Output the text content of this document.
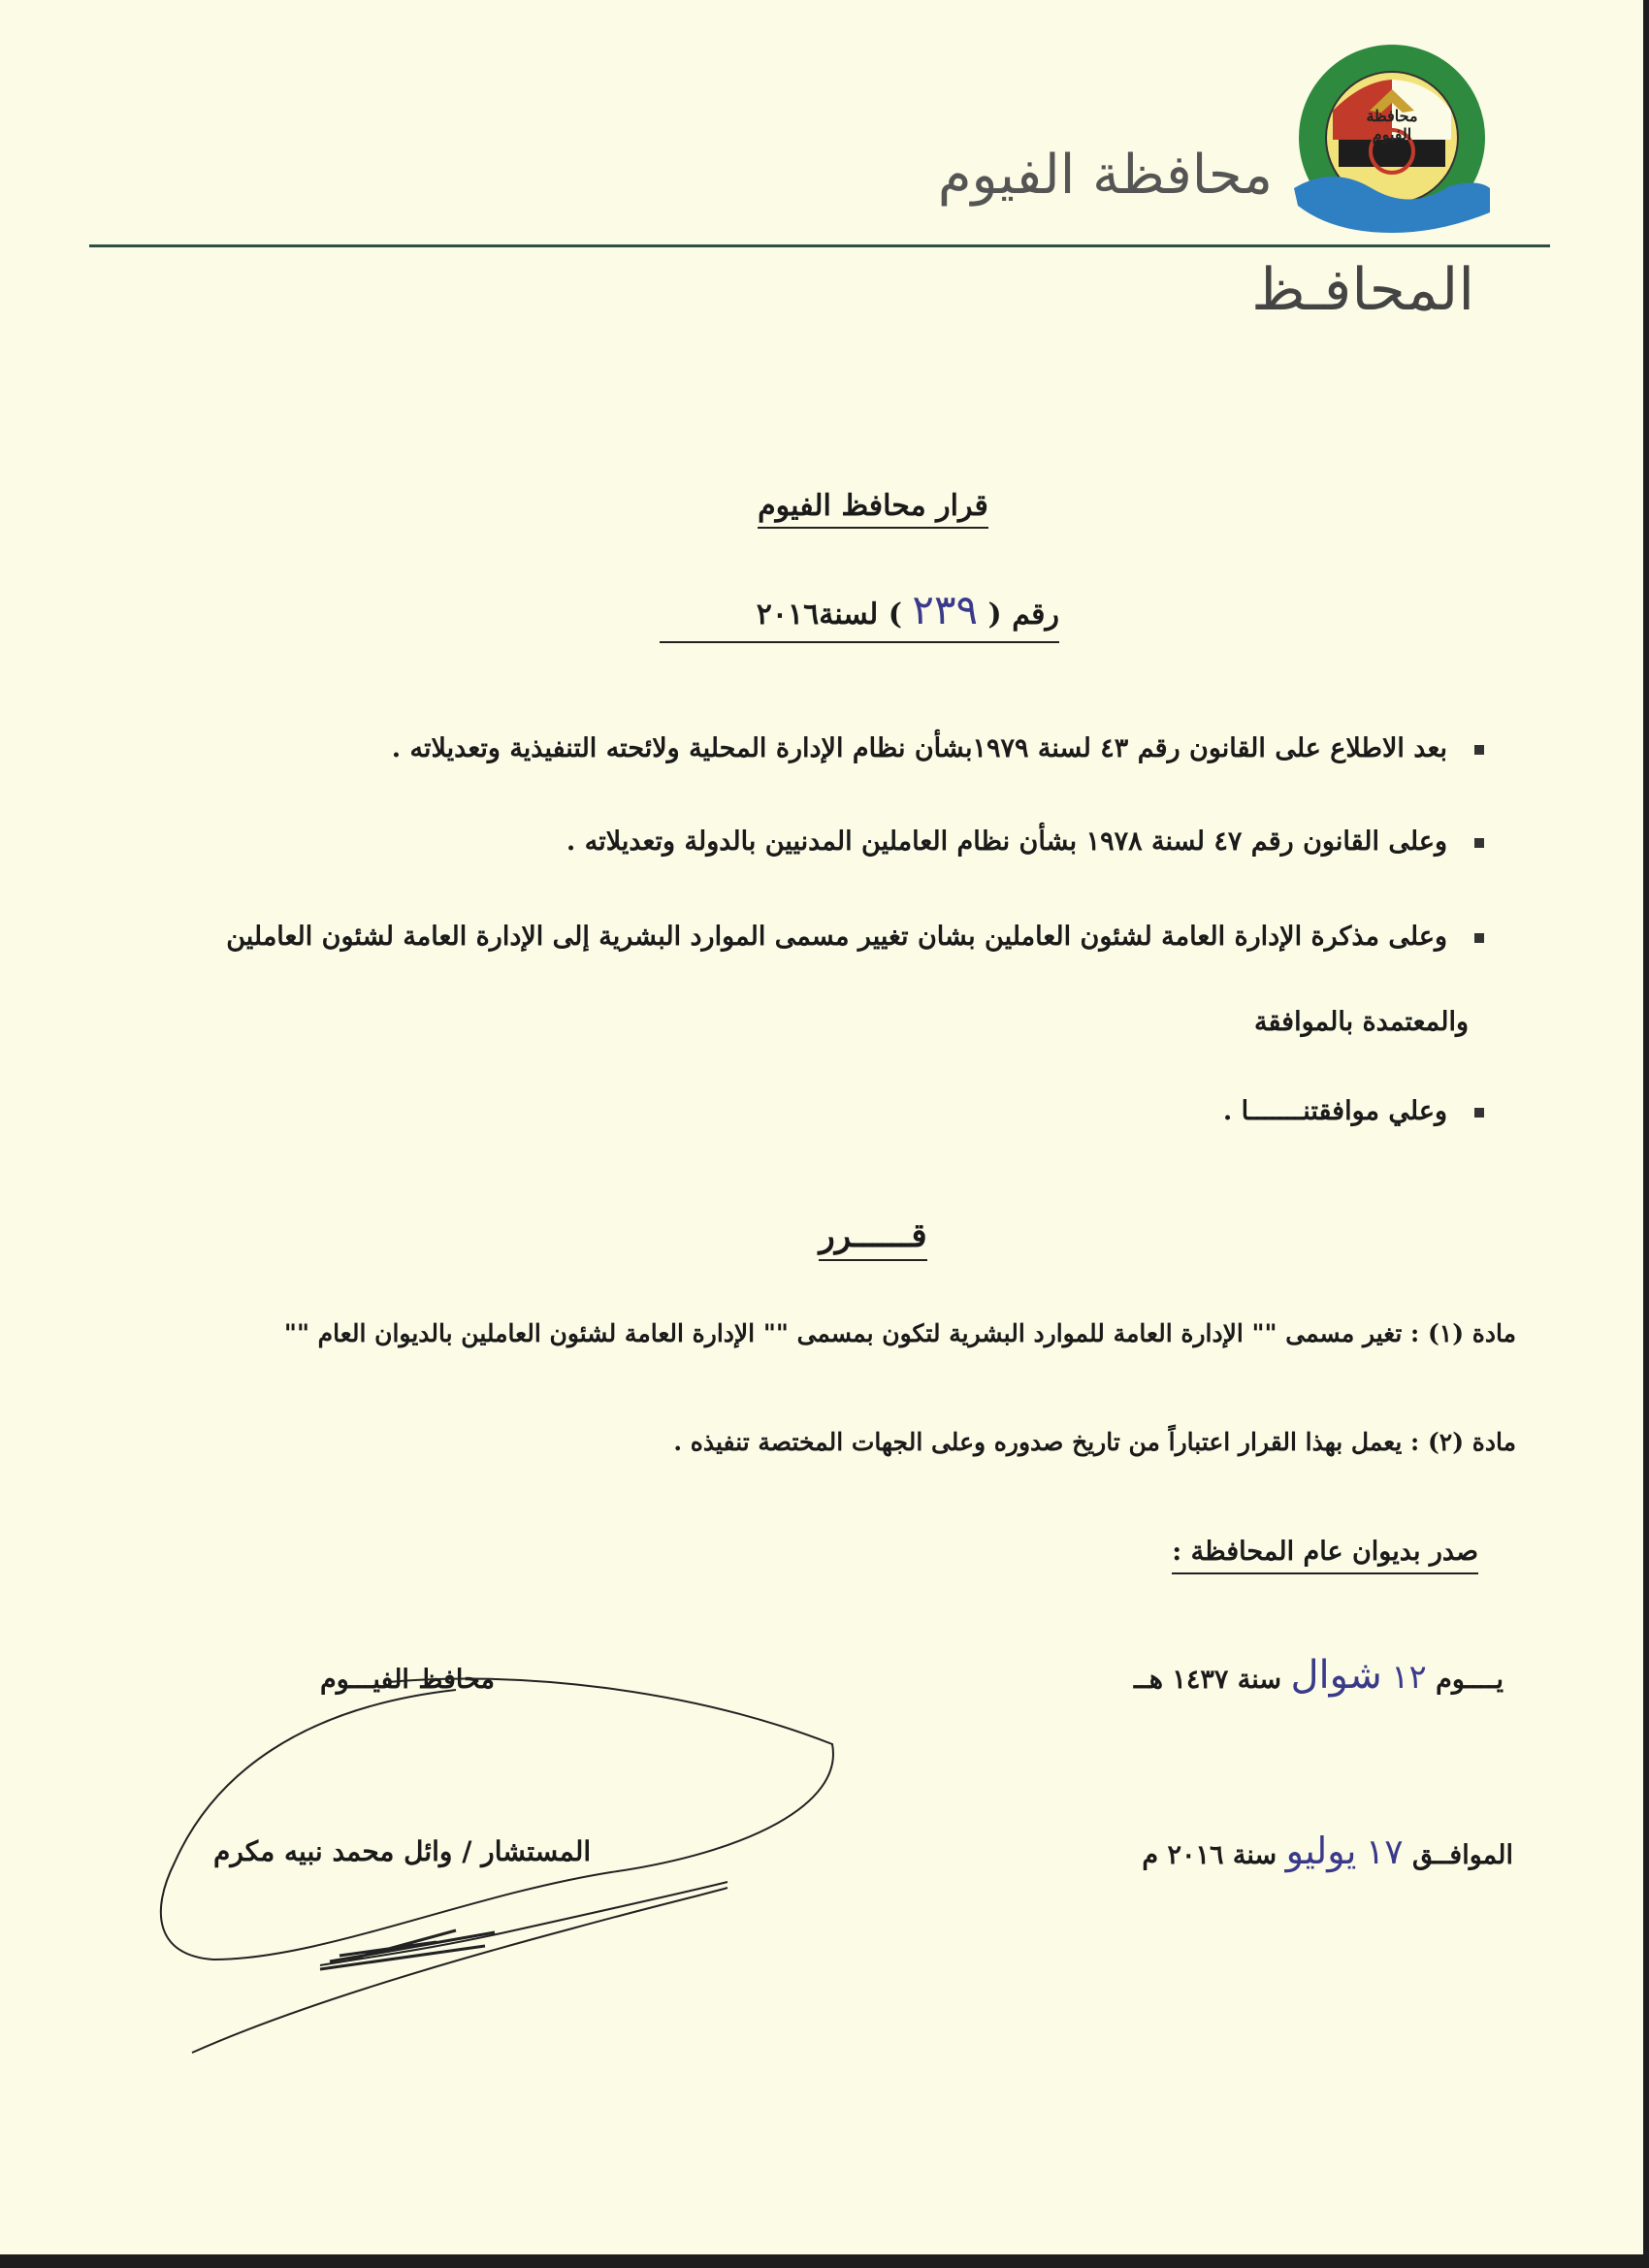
محافظة الفيوم
محافظة الفيوم
المحافـظ
قرار محافظ الفيوم
رقم ( ٢٣٩ ) لسنة٢٠١٦
بعد الاطلاع على القانون رقم ٤٣ لسنة ١٩٧٩بشأن نظام الإدارة المحلية ولائحته التنفيذية وتعديلاته .
وعلى القانون رقم ٤٧ لسنة ١٩٧٨ بشأن نظام العاملين المدنيين بالدولة وتعديلاته .
وعلى مذكرة الإدارة العامة لشئون العاملين بشان تغيير مسمى الموارد البشرية إلى الإدارة العامة لشئون العاملين
والمعتمدة بالموافقة
وعلي موافقتنـــــــا .
قــــــرر
مادة (١) : تغير مسمى "" الإدارة العامة للموارد البشرية لتكون بمسمى "" الإدارة العامة لشئون العاملين بالديوان العام ""
مادة (٢) : يعمل بهذا القرار اعتباراً من تاريخ صدوره وعلى الجهات المختصة تنفيذه .
صدر بديوان عام المحافظة :
يــــوم ١٢ شوال سنة ١٤٣٧ هــ
الموافــق ١٧ يوليو سنة ٢٠١٦ م
محافظ الفيـــوم
المستشار / وائل محمد نبيه مكرم
